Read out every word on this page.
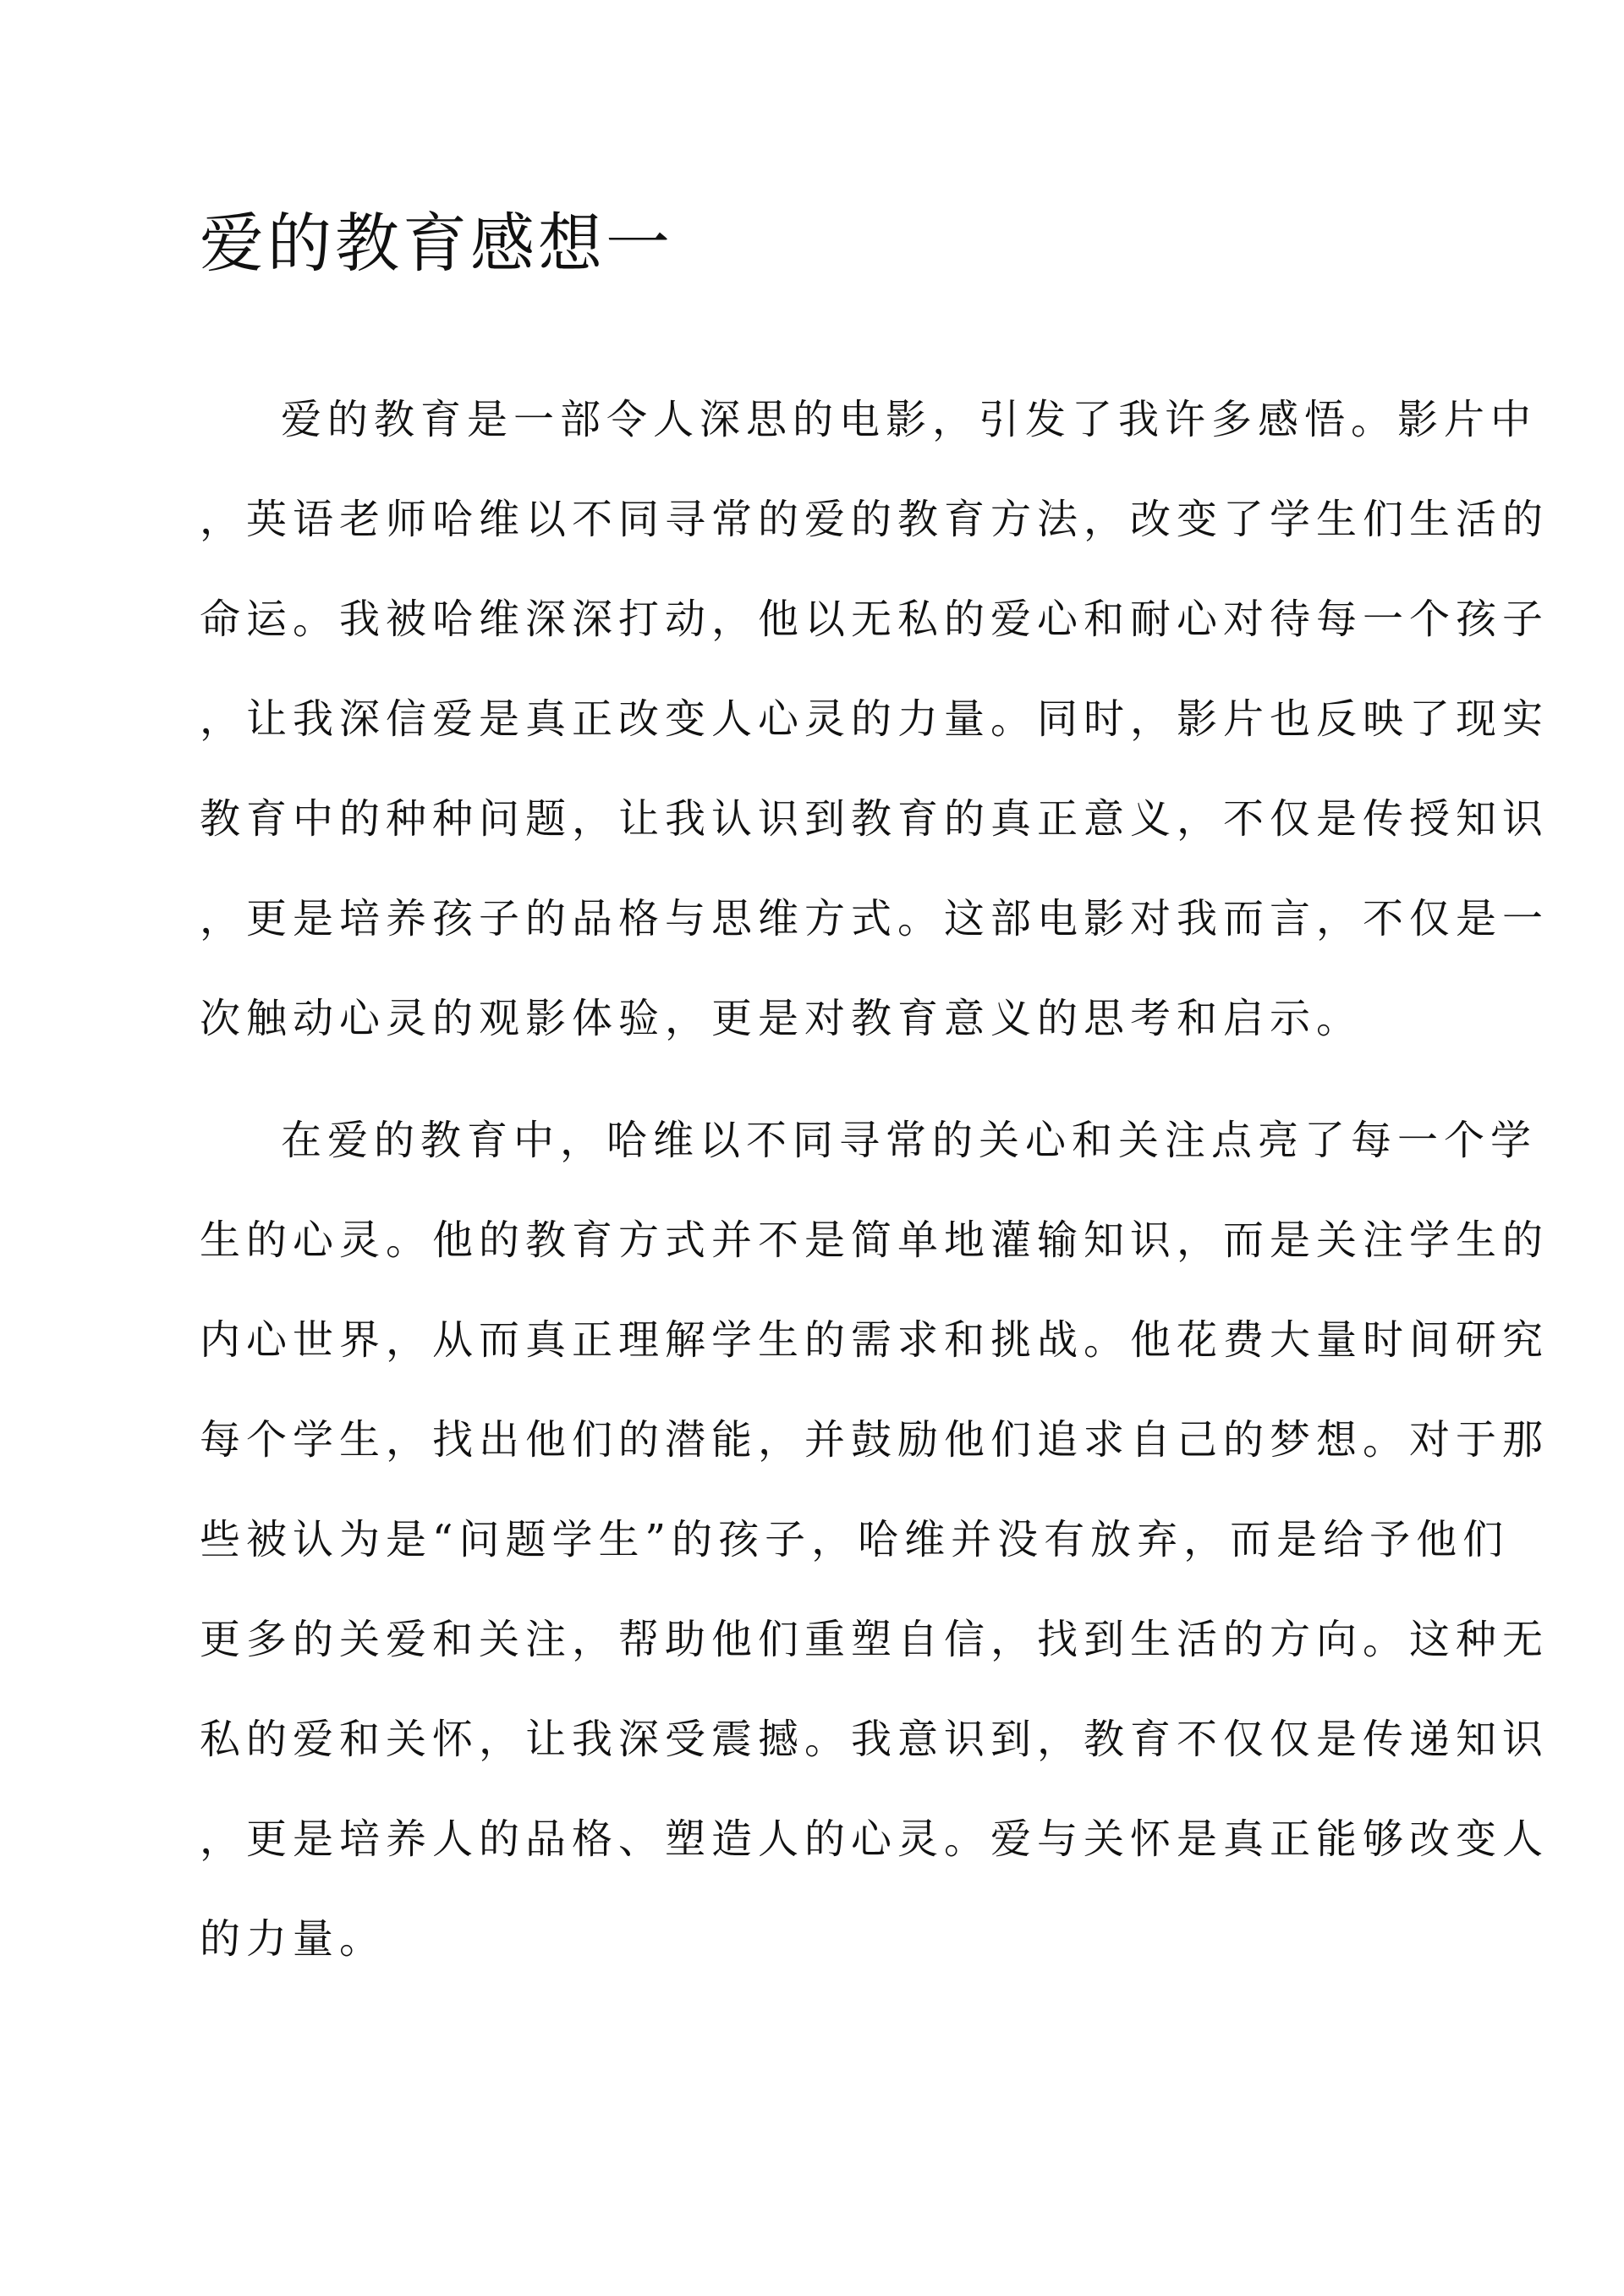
爱的教育感想一
爱的教育是一部令人深思的电影，引发了我许多感悟。影片中
，英语老师哈维以不同寻常的爱的教育方法，改变了学生们生活的
命运。我被哈维深深打动，他以无私的爱心和耐心对待每一个孩子
，让我深信爱是真正改变人心灵的力量。同时，影片也反映了现实
教育中的种种问题，让我认识到教育的真正意义，不仅是传授知识
，更是培养孩子的品格与思维方式。这部电影对我而言，不仅是一
次触动心灵的观影体验，更是对教育意义的思考和启示。
在爱的教育中，哈维以不同寻常的关心和关注点亮了每一个学
生的心灵。他的教育方式并不是简单地灌输知识，而是关注学生的
内心世界，从而真正理解学生的需求和挑战。他花费大量时间研究
每个学生，找出他们的潜能，并鼓励他们追求自己的梦想。对于那
些被认为是“问题学生”的孩子，哈维并没有放弃，而是给予他们
更多的关爱和关注，帮助他们重塑自信，找到生活的方向。这种无
私的爱和关怀，让我深受震撼。我意识到，教育不仅仅是传递知识
，更是培养人的品格、塑造人的心灵。爱与关怀是真正能够改变人
的力量。
